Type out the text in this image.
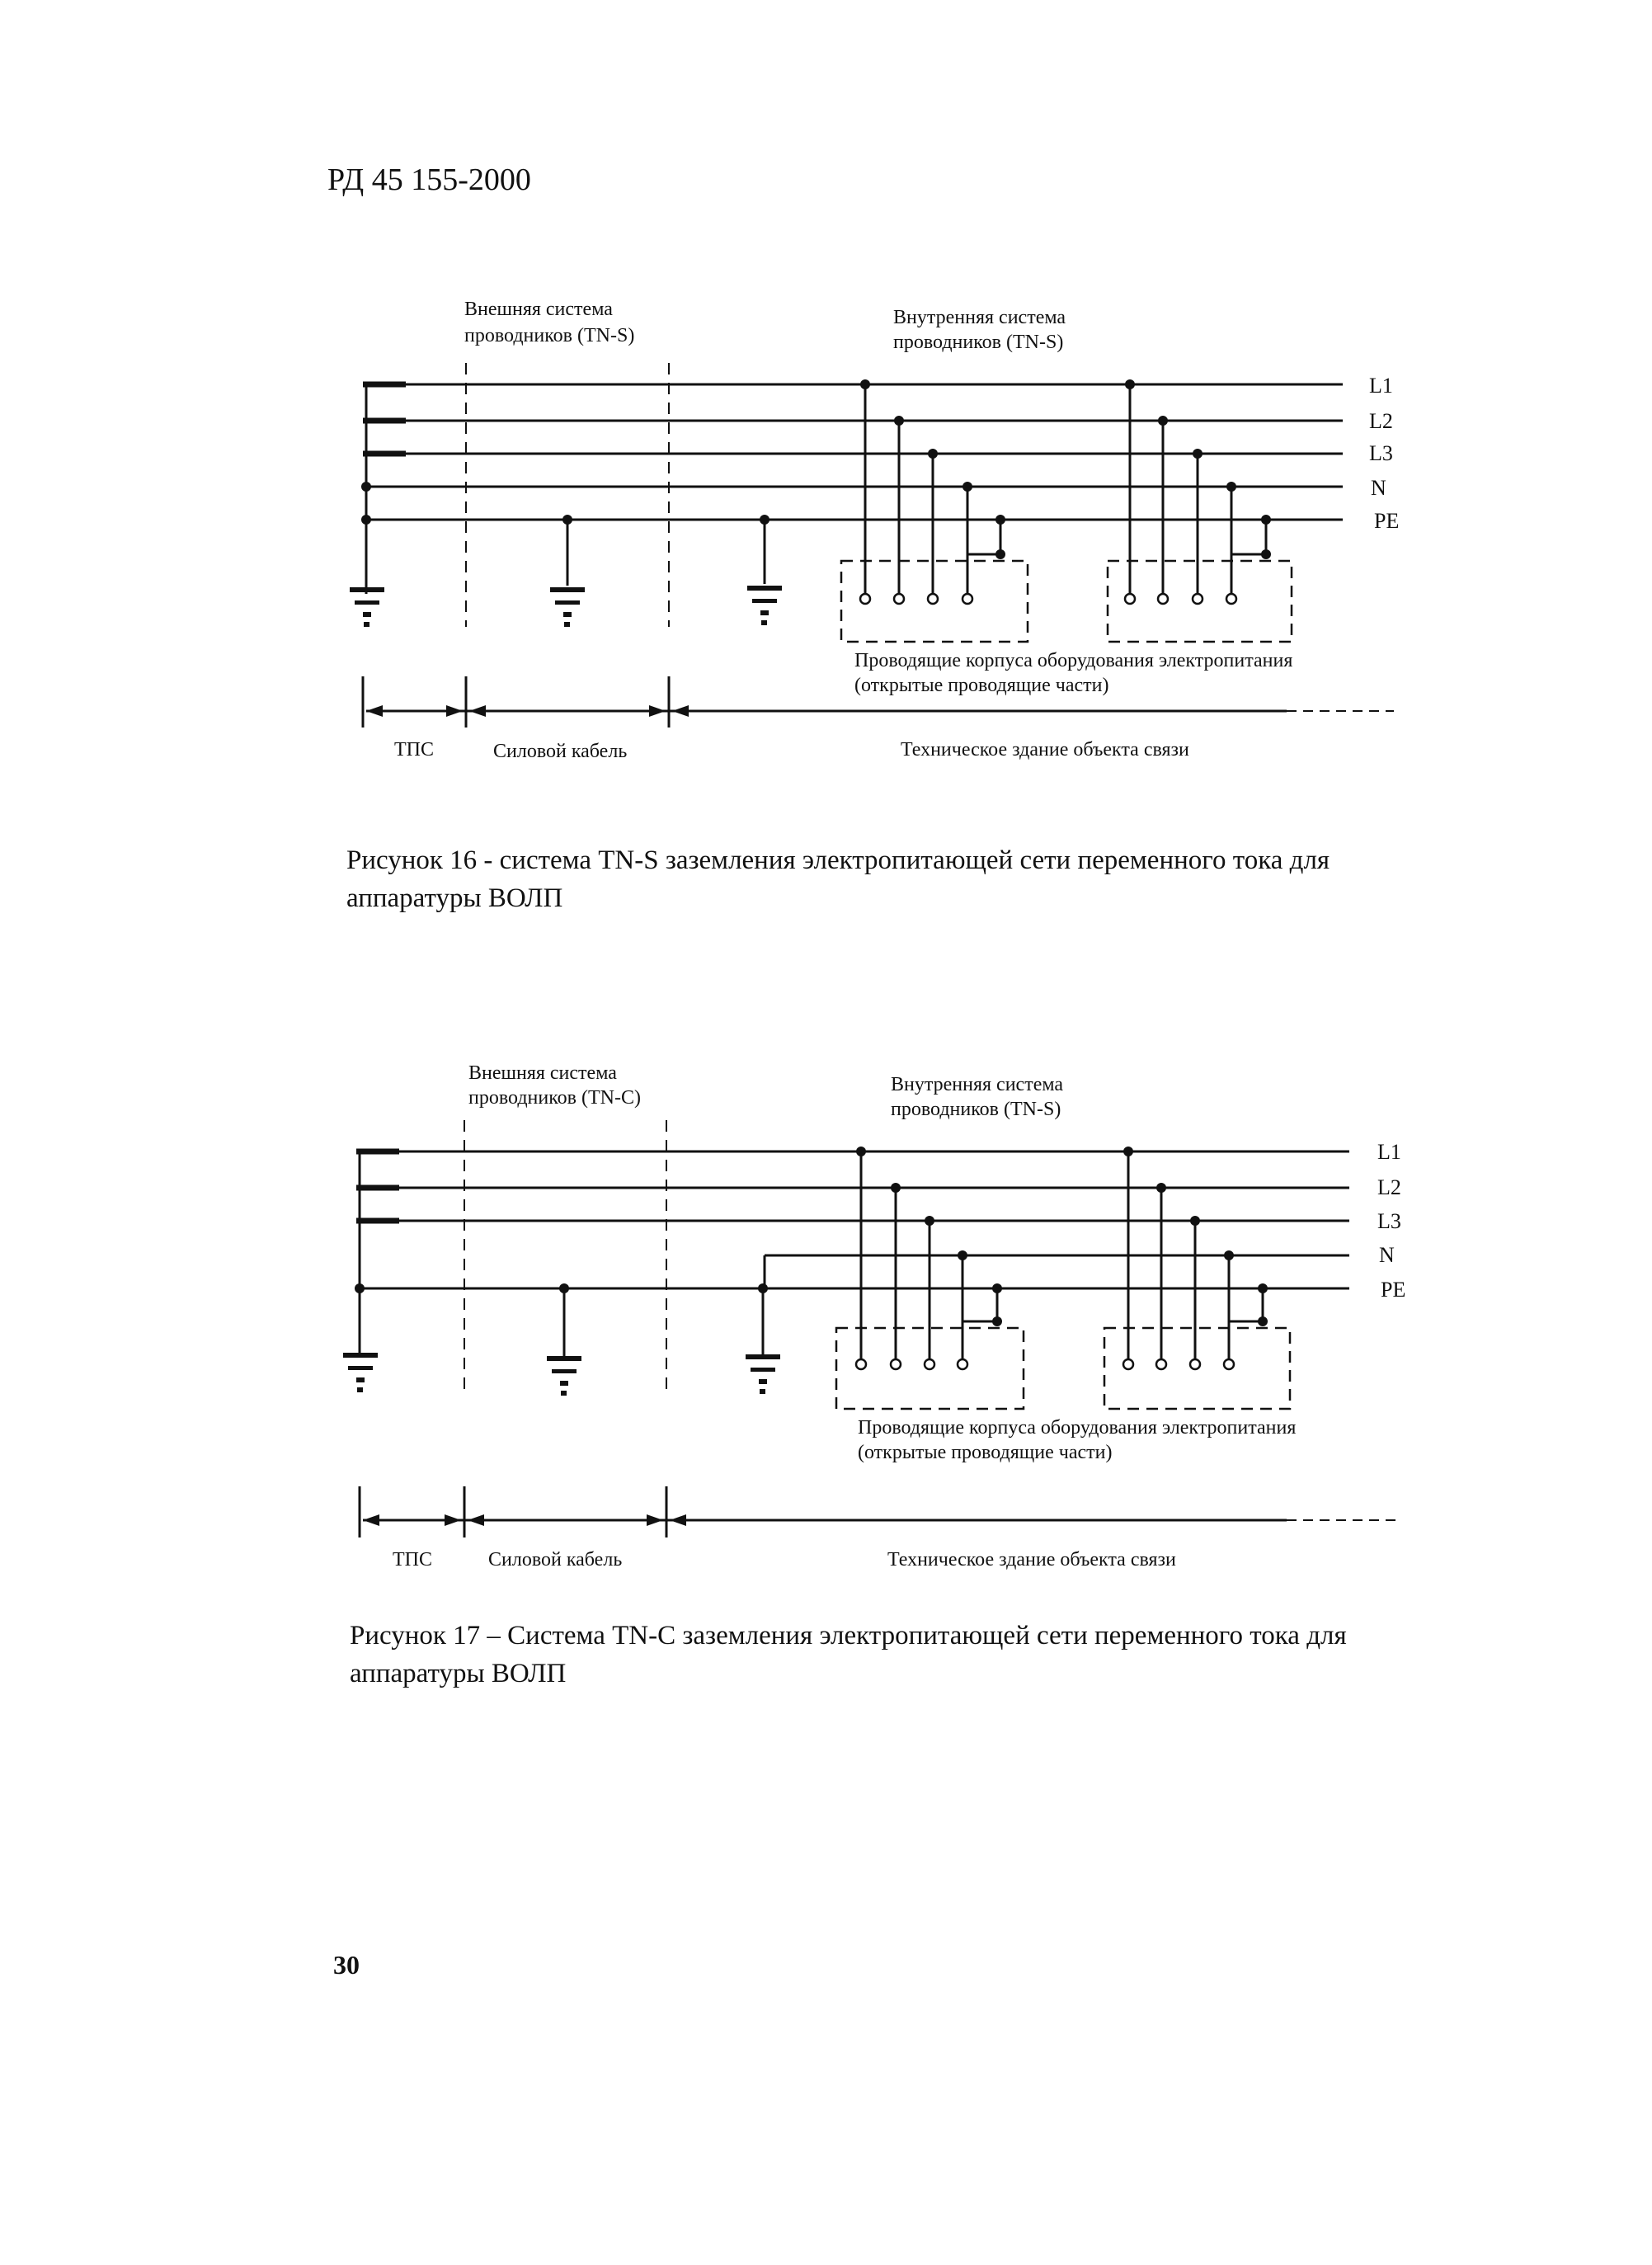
РД 45 155-2000
Внешняя система
проводников (TN-S)
Внутренняя система
проводников (TN-S)
L1
L2
L3
N
PE
Проводящие корпуса оборудования электропитания
(открытые проводящие части)
ТПС	Силовой кабель	Техническое здание объекта связи
Рисунок 16 - система TN-S заземления электропитающей сети переменного тока для аппаратуры ВОЛП
Внешняя система
проводников (TN-C)
Внутренняя система
проводников (TN-S)
L1
L2
L3
N
PE
Проводящие корпуса оборудования электропитания
(открытые проводящие части)
ТПС	Силовой кабель	Техническое здание объекта связи
Рисунок 17 – Система TN-C заземления электропитающей сети переменного тока для аппаратуры ВОЛП
30
